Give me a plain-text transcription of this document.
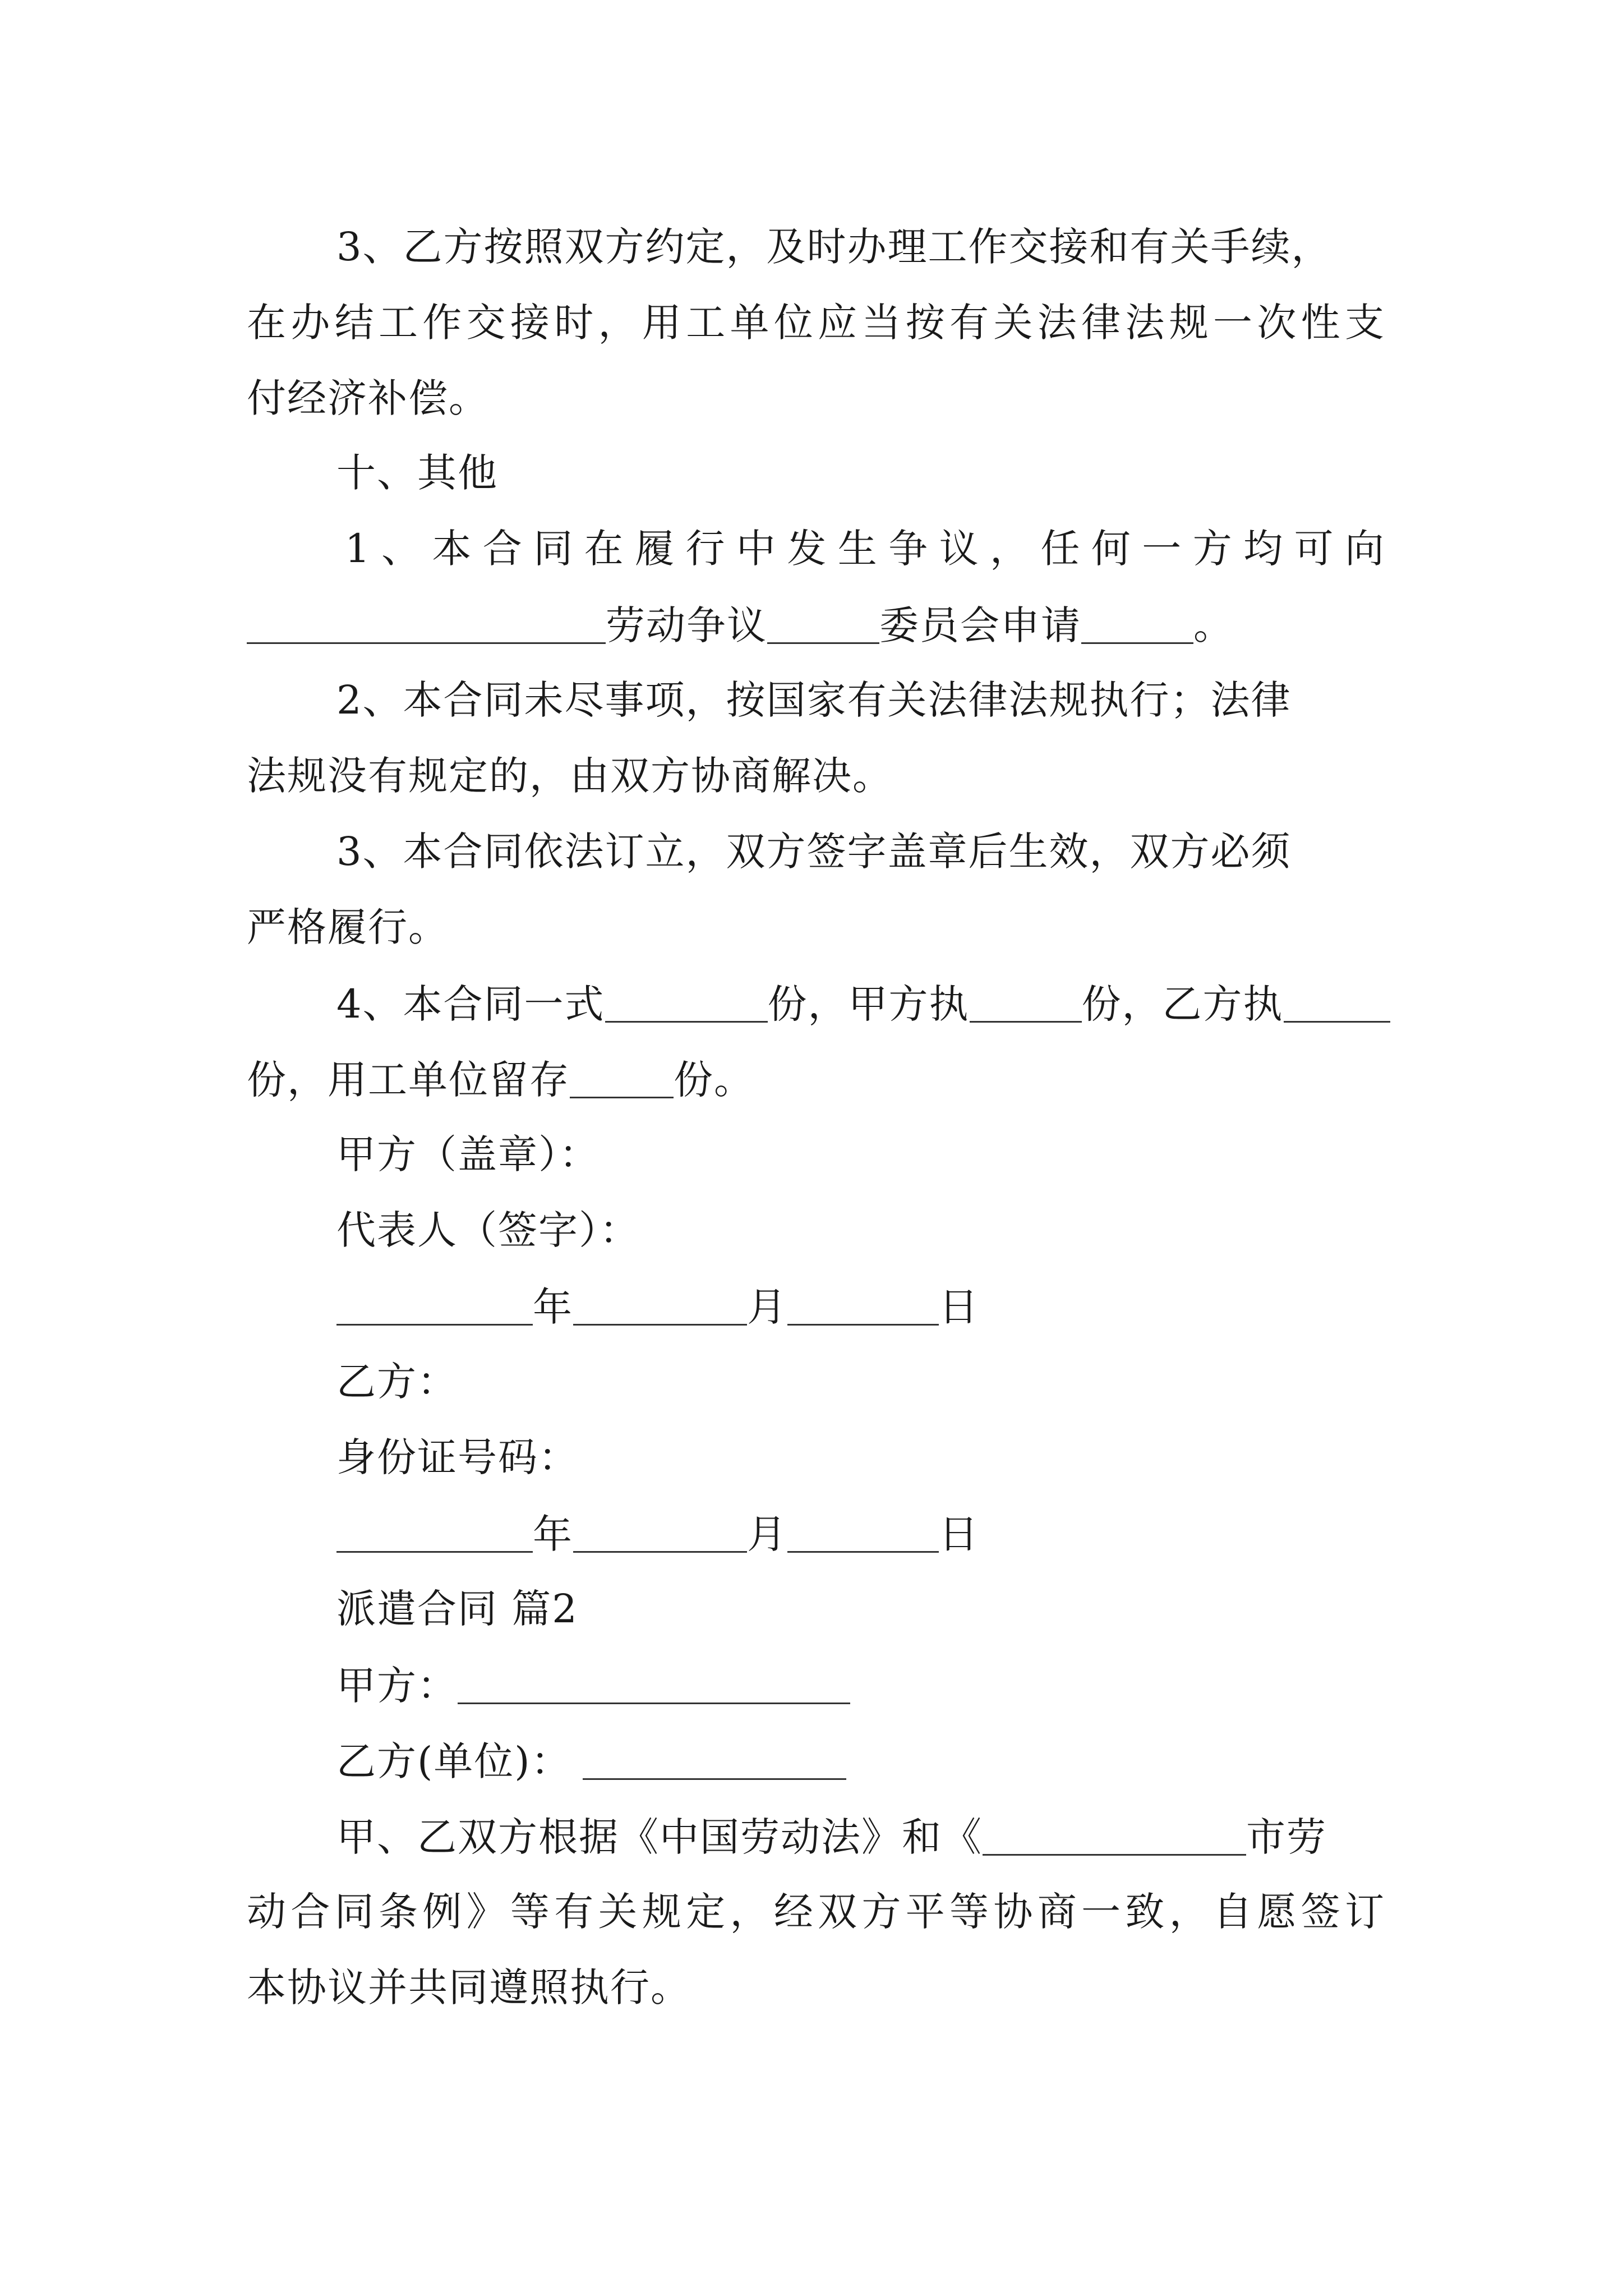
3、乙方按照双方约定，及时办理工作交接和有关手续，
在办结工作交接时，用工单位应当按有关法律法规一次性支
付经济补偿。
十、其他
1、本合同在履行中发生争议，任何一方均可向
劳动争议	委员会申请	。
2、本合同未尽事项，按国家有关法律法规执行；法律
法规没有规定的，由双方协商解决。
3、本合同依法订立，双方签字盖章后生效，双方必须
严格履行。
4、本合同一式	份，甲方执	份，乙方执
份，用工单位留存	份。
甲方（盖章）：
代表人（签字）：
年	月	日
乙方：
身份证号码：
年	月	日
派遣合同 篇2
甲方：
乙方(单位)：
甲、乙双方根据《中国劳动法》和《	市劳
动合同条例》等有关规定，经双方平等协商一致，自愿签订
本协议并共同遵照执行。
